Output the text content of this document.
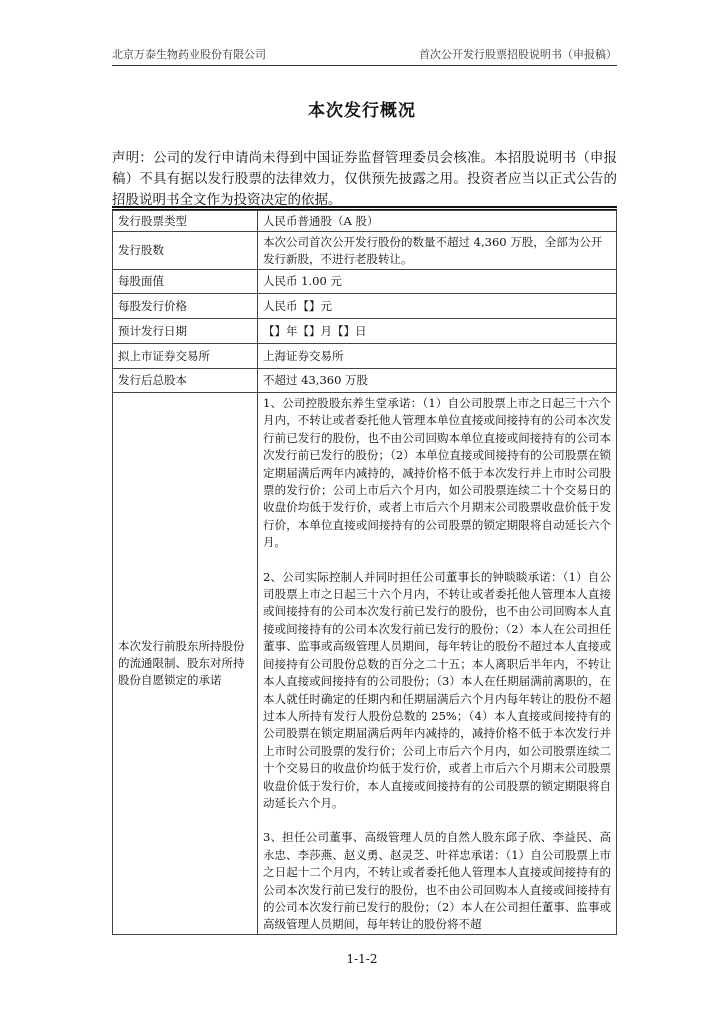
北京万泰生物药业股份有限公司	首次公开发行股票招股说明书（申报稿）
本次发行概况
声明：公司的发行申请尚未得到中国证券监督管理委员会核准。本招股说明书（申报稿）不具有据以发行股票的法律效力，仅供预先披露之用。投资者应当以正式公告的招股说明书全文作为投资决定的依据。
发行股票类型	人民币普通股（A 股）
发行股数	本次公司首次公开发行股份的数量不超过 4,360 万股，全部为公开发行新股，不进行老股转让。
每股面值	人民币 1.00 元
每股发行价格	人民币【】元
预计发行日期	【】年【】月【】日
拟上市证券交易所	上海证券交易所
发行后总股本	不超过 43,360 万股
本次发行前股东所持股份的流通限制、股东对所持股份自愿锁定的承诺	1、公司控股股东养生堂承诺：（1）自公司股票上市之日起三十六个月内，不转让或者委托他人管理本单位直接或间接持有的公司本次发行前已发行的股份，也不由公司回购本单位直接或间接持有的公司本次发行前已发行的股份；（2）本单位直接或间接持有的公司股票在锁定期届满后两年内减持的，减持价格不低于本次发行并上市时公司股票的发行价；公司上市后六个月内，如公司股票连续二十个交易日的收盘价均低于发行价，或者上市后六个月期末公司股票收盘价低于发行价，本单位直接或间接持有的公司股票的锁定期限将自动延长六个月。

2、公司实际控制人并同时担任公司董事长的钟睒睒承诺：（1）自公司股票上市之日起三十六个月内，不转让或者委托他人管理本人直接或间接持有的公司本次发行前已发行的股份，也不由公司回购本人直接或间接持有的公司本次发行前已发行的股份；（2）本人在公司担任董事、监事或高级管理人员期间，每年转让的股份不超过本人直接或间接持有公司股份总数的百分之二十五；本人离职后半年内，不转让本人直接或间接持有的公司股份；（3）本人在任期届满前离职的，在本人就任时确定的任期内和任期届满后六个月内每年转让的股份不超过本人所持有发行人股份总数的 25%；（4）本人直接或间接持有的公司股票在锁定期届满后两年内减持的，减持价格不低于本次发行并上市时公司股票的发行价；公司上市后六个月内，如公司股票连续二十个交易日的收盘价均低于发行价，或者上市后六个月期末公司股票收盘价低于发行价，本人直接或间接持有的公司股票的锁定期限将自动延长六个月。

3、担任公司董事、高级管理人员的自然人股东邱子欣、李益民、高永忠、李莎燕、赵义勇、赵灵芝、叶祥忠承诺：（1）自公司股票上市之日起十二个月内，不转让或者委托他人管理本人直接或间接持有的公司本次发行前已发行的股份，也不由公司回购本人直接或间接持有的公司本次发行前已发行的股份；（2）本人在公司担任董事、监事或高级管理人员期间，每年转让的股份将不超

1-1-2
